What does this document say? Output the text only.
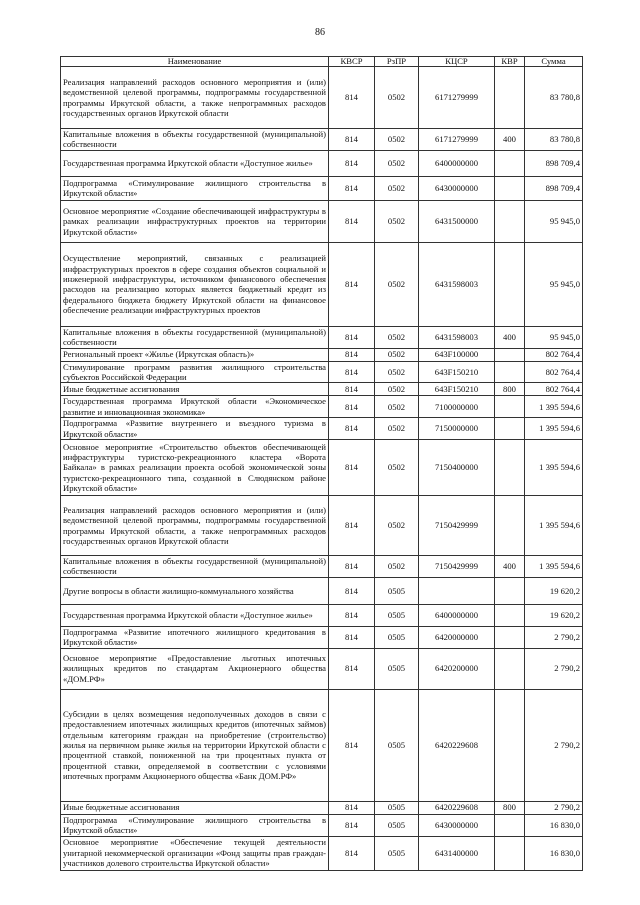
86
Наименование	КВСР	РзПР	КЦСР	КВР	Сумма
Реализация направлений расходов основного мероприятия и (или) ведомственной целевой программы, подпрограммы государственной программы Иркутской области, а также непрограммных расходов государственных органов Иркутской области	814	0502	6171279999		83 780,8
Капитальные вложения в объекты государственной (муниципальной) собственности	814	0502	6171279999	400	83 780,8
Государственная программа Иркутской области «Доступное жилье»	814	0502	6400000000		898 709,4
Подпрограмма «Стимулирование жилищного строительства в Иркутской области»	814	0502	6430000000		898 709,4
Основное мероприятие «Создание обеспечивающей инфраструктуры в рамках реализации инфраструктурных проектов на территории Иркутской области»	814	0502	6431500000		95 945,0
Осуществление мероприятий, связанных с реализацией инфраструктурных проектов в сфере создания объектов социальной и инженерной инфраструктуры, источником финансового обеспечения расходов на реализацию которых является бюджетный кредит из федерального бюджета бюджету Иркутской области на финансовое обеспечение реализации инфраструктурных проектов	814	0502	6431598003		95 945,0
Капитальные вложения в объекты государственной (муниципальной) собственности	814	0502	6431598003	400	95 945,0
Региональный проект «Жилье (Иркутская область)»	814	0502	643F100000		802 764,4
Стимулирование программ развития жилищного строительства субъектов Российской Федерации	814	0502	643F150210		802 764,4
Иные бюджетные ассигнования	814	0502	643F150210	800	802 764,4
Государственная программа Иркутской области «Экономическое развитие и инновационная экономика»	814	0502	7100000000		1 395 594,6
Подпрограмма «Развитие внутреннего и въездного туризма в Иркутской области»	814	0502	7150000000		1 395 594,6
Основное мероприятие «Строительство объектов обеспечивающей инфраструктуры туристско-рекреационного кластера «Ворота Байкала» в рамках реализации проекта особой экономической зоны туристско-рекреационного типа, созданной в Слюдянском районе Иркутской области»	814	0502	7150400000		1 395 594,6
Реализация направлений расходов основного мероприятия и (или) ведомственной целевой программы, подпрограммы государственной программы Иркутской области, а также непрограммных расходов государственных органов Иркутской области	814	0502	7150429999		1 395 594,6
Капитальные вложения в объекты государственной (муниципальной) собственности	814	0502	7150429999	400	1 395 594,6
Другие вопросы в области жилищно-коммунального хозяйства	814	0505			19 620,2
Государственная программа Иркутской области «Доступное жилье»	814	0505	6400000000		19 620,2
Подпрограмма «Развитие ипотечного жилищного кредитования в Иркутской области»	814	0505	6420000000		2 790,2
Основное мероприятие «Предоставление льготных ипотечных жилищных кредитов по стандартам Акционерного общества «ДОМ.РФ»	814	0505	6420200000		2 790,2
Субсидии в целях возмещения недополученных доходов в связи с предоставлением ипотечных жилищных кредитов (ипотечных займов) отдельным категориям граждан на приобретение (строительство) жилья на первичном рынке жилья на территории Иркутской области с процентной ставкой, пониженной на три процентных пункта от процентной ставки, определяемой в соответствии с условиями ипотечных программ Акционерного общества «Банк ДОМ.РФ»	814	0505	6420229608		2 790,2
Иные бюджетные ассигнования	814	0505	6420229608	800	2 790,2
Подпрограмма «Стимулирование жилищного строительства в Иркутской области»	814	0505	6430000000		16 830,0
Основное мероприятие «Обеспечение текущей деятельности унитарной некоммерческой организации «Фонд защиты прав граждан-участников долевого строительства Иркутской области»	814	0505	6431400000		16 830,0
